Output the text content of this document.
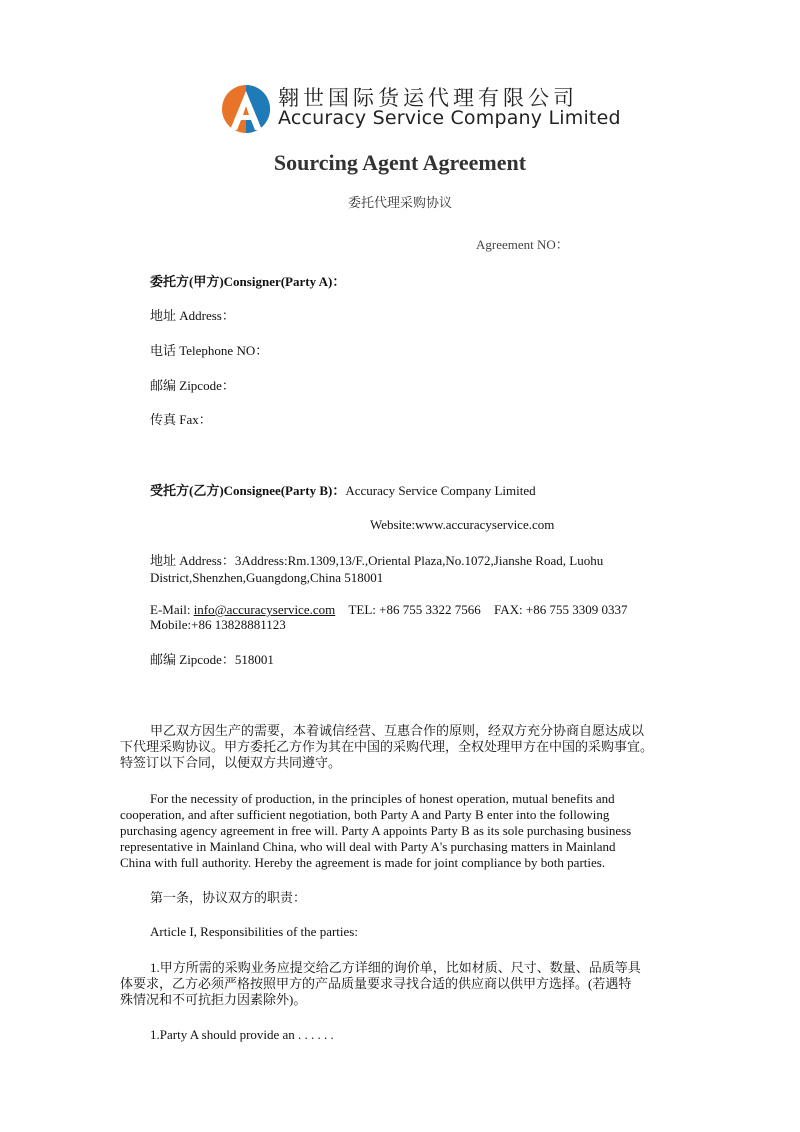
翱世国际货运代理有限公司
Accuracy Service Company Limited
Sourcing Agent Agreement
委托代理采购协议
Agreement NO：
委托方(甲方)Consigner(Party A)：
地址 Address：
电话 Telephone NO：
邮编 Zipcode：
传真 Fax：
受托方(乙方)Consignee(Party B)：Accuracy Service Company Limited
Website:www.accuracyservice.com
地址 Address：3Address:Rm.1309,13/F.,Oriental Plaza,No.1072,Jianshe Road, Luohu
District,Shenzhen,Guangdong,China 518001
E-Mail: info@accuracyservice.com TEL: +86 755 3322 7566 FAX: +86 755 3309 0337
Mobile:+86 13828881123
邮编 Zipcode：518001
甲乙双方因生产的需要，本着诚信经营、互惠合作的原则，经双方充分协商自愿达成以
下代理采购协议。甲方委托乙方作为其在中国的采购代理，全权处理甲方在中国的采购事宜。
特签订以下合同，以便双方共同遵守。
For the necessity of production, in the principles of honest operation, mutual benefits and
cooperation, and after sufficient negotiation, both Party A and Party B enter into the following
purchasing agency agreement in free will. Party A appoints Party B as its sole purchasing business
representative in Mainland China, who will deal with Party A's purchasing matters in Mainland
China with full authority. Hereby the agreement is made for joint compliance by both parties.
第一条，协议双方的职责：
Article I, Responsibilities of the parties:
1.甲方所需的采购业务应提交给乙方详细的询价单，比如材质、尺寸、数量、品质等具
体要求，乙方必须严格按照甲方的产品质量要求寻找合适的供应商以供甲方选择。(若遇特
殊情况和不可抗拒力因素除外)。
1.Party A should provide an . . . . . .
